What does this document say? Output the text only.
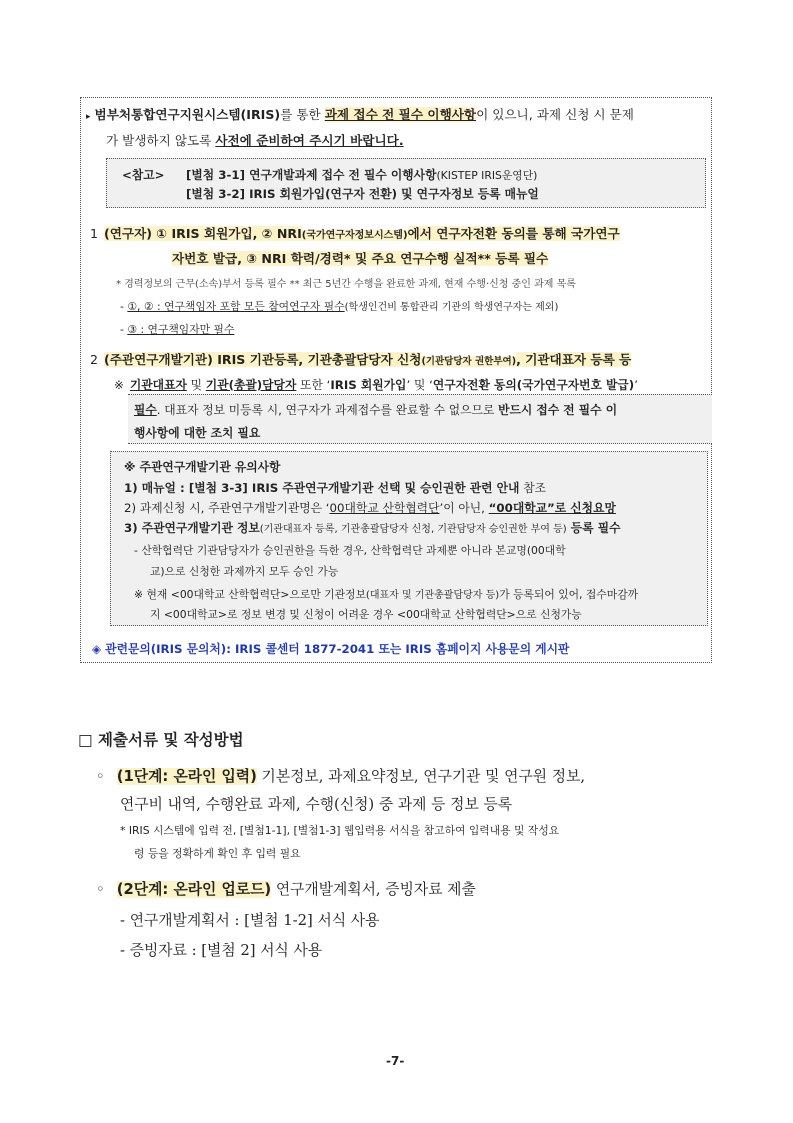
▸ 범부처통합연구지원시스템(IRIS)를 통한 과제 접수 전 필수 이행사항이 있으니, 과제 신청 시 문제
가 발생하지 않도록 사전에 준비하여 주시기 바랍니다.
<참고> [별첨 3-1] 연구개발과제 접수 전 필수 이행사항(KISTEP IRIS운영단)
[별첨 3-2] IRIS 회원가입(연구자 전환) 및 연구자정보 등록 매뉴얼
1 (연구자) ① IRIS 회원가입, ② NRI(국가연구자정보시스템)에서 연구자전환 동의를 통해 국가연구
자번호 발급, ③ NRI 학력/경력* 및 주요 연구수행 실적** 등록 필수
* 경력정보의 근무(소속)부서 등록 필수 ** 최근 5년간 수행을 완료한 과제, 현재 수행·신청 중인 과제 목록
- ①, ② : 연구책임자 포함 모든 참여연구자 필수(학생인건비 통합관리 기관의 학생연구자는 제외)
- ③ : 연구책임자만 필수
2 (주관연구개발기관) IRIS 기관등록, 기관총괄담당자 신청(기관담당자 권한부여), 기관대표자 등록 등
※ 기관대표자 및 기관(총괄)담당자 또한 ‘IRIS 회원가입’ 및 ‘연구자전환 동의(국가연구자번호 발급)’
필수. 대표자 정보 미등록 시, 연구자가 과제접수를 완료할 수 없으므로 반드시 접수 전 필수 이
행사항에 대한 조치 필요
※ 주관연구개발기관 유의사항
1) 매뉴얼 : [별첨 3-3] IRIS 주관연구개발기관 선택 및 승인권한 관련 안내 참조
2) 과제신청 시, 주관연구개발기관명은 ‘00대학교 산학협력단’이 아닌, “00대학교”로 신청요망
3) 주관연구개발기관 정보(기관대표자 등록, 기관총괄담당자 신청, 기관담당자 승인권한 부여 등) 등록 필수
- 산학협력단 기관담당자가 승인권한을 득한 경우, 산학협력단 과제뿐 아니라 본교명(00대학
교)으로 신청한 과제까지 모두 승인 가능
※ 현재 <00대학교 산학협력단>으로만 기관정보(대표자 및 기관총괄담당자 등)가 등록되어 있어, 접수마감까
지 <00대학교>로 정보 변경 및 신청이 어려운 경우 <00대학교 산학협력단>으로 신청가능
◈ 관련문의(IRIS 문의처): IRIS 콜센터 1877-2041 또는 IRIS 홈페이지 사용문의 게시판
□ 제출서류 및 작성방법
◦ (1단계: 온라인 입력) 기본정보, 과제요약정보, 연구기관 및 연구원 정보,
연구비 내역, 수행완료 과제, 수행(신청) 중 과제 등 정보 등록
* IRIS 시스템에 입력 전, [별첨1-1], [별첨1-3] 웹입력용 서식을 참고하여 입력내용 및 작성요
령 등을 정확하게 확인 후 입력 필요
◦ (2단계: 온라인 업로드) 연구개발계획서, 증빙자료 제출
- 연구개발계획서 : [별첨 1-2] 서식 사용
- 증빙자료 : [별첨 2] 서식 사용
-7-
